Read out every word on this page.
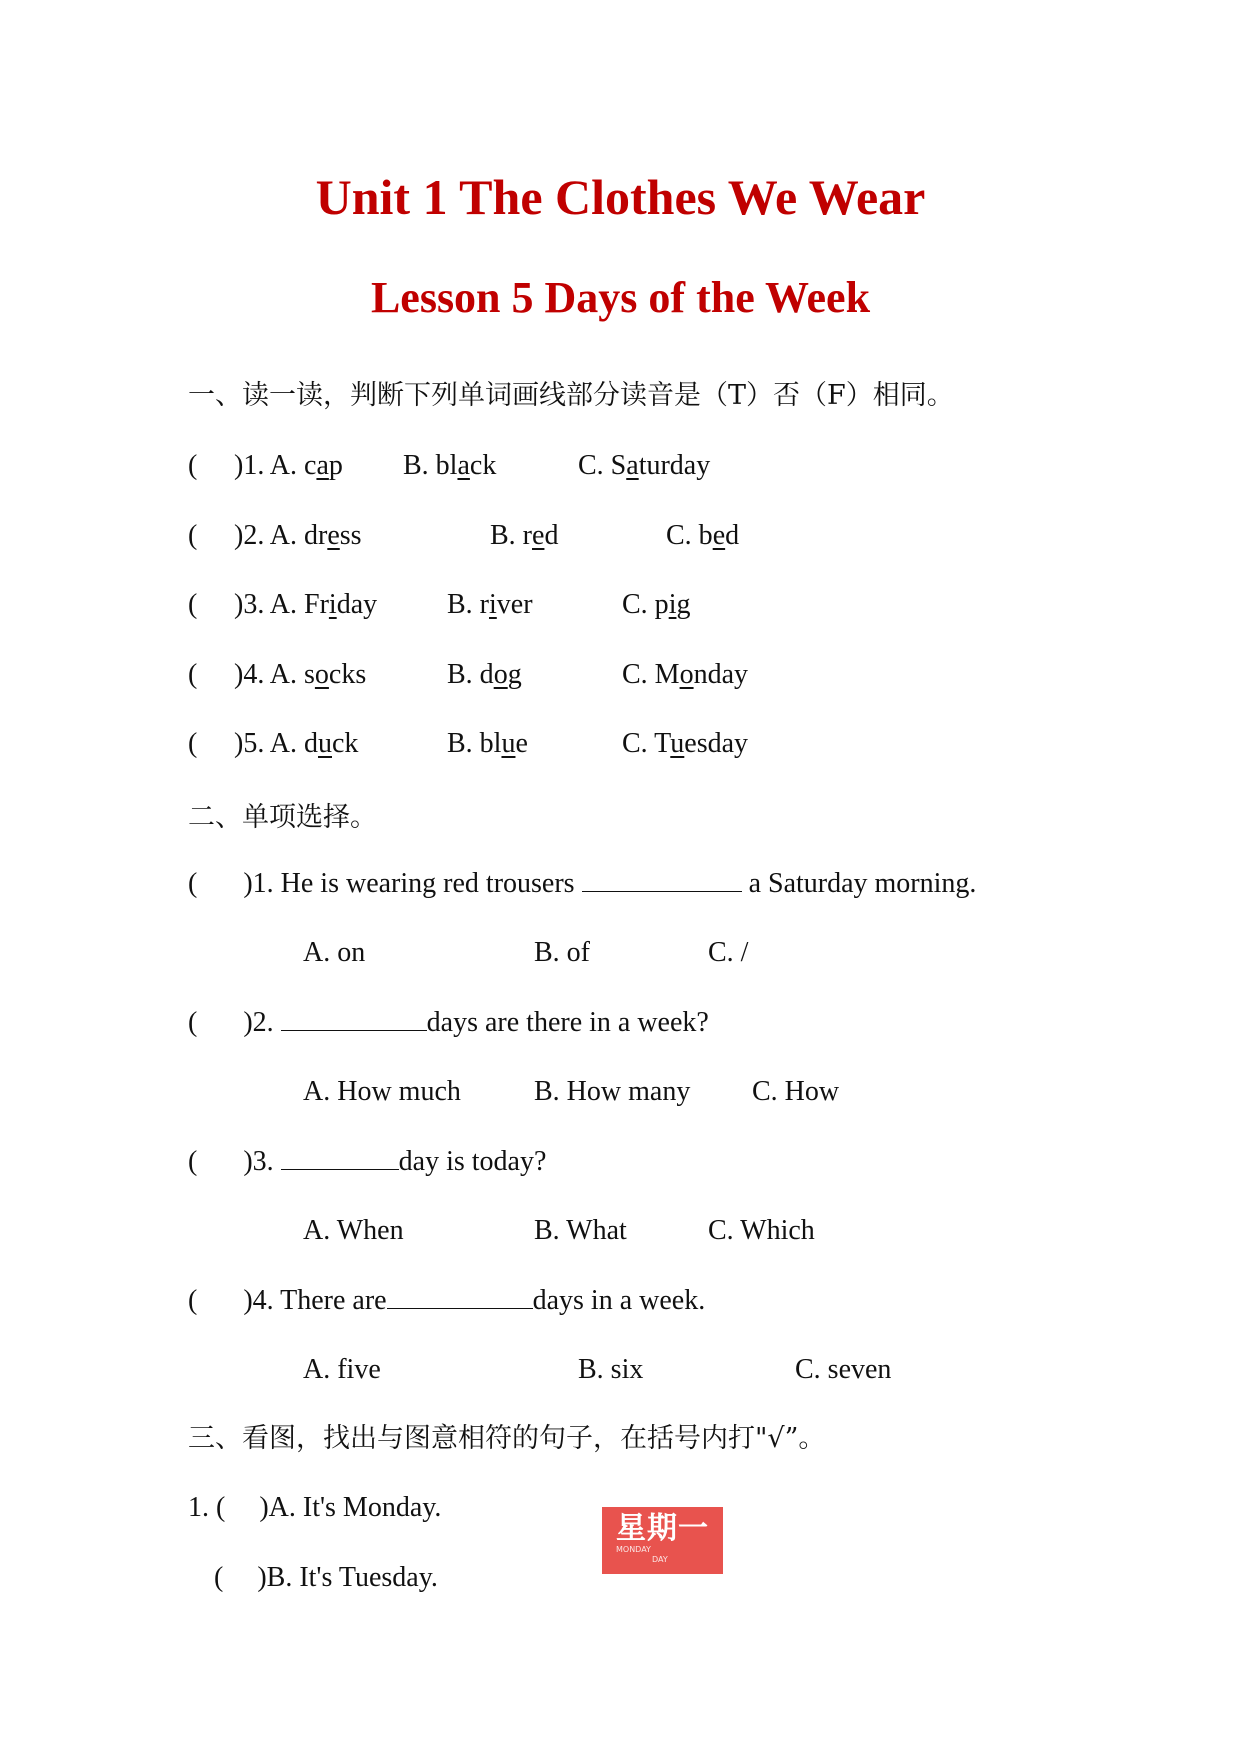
Unit 1 The Clothes We Wear
Lesson 5 Days of the Week
一、读一读，判断下列单词画线部分读音是（T）否（F）相同。
( )1. A. cap B. black	C. Saturday
( )2. A. dress	B. red	C. bed
( )3. A. Friday B. river	C. pig
( )4. A. socks	B. dog	C. Monday
( )5. A. duck	B. blue	C. Tuesday
二、单项选择。
( )1. He is wearing red trousers	a Saturday morning.
A. on	B. of	C. /
( )2.	days are there in a week?
A. How much	B. How many C. How
( )3.	day is today?
A. When	B. What	C. Which
( )4. There are	days in a week.
A. five	B. six	C. seven
三、看图，找出与图意相符的句子，在括号内打"√”。
1. ( )A. It's Monday.
( )B. It's Tuesday.
星期一
MONDAY
DAY
